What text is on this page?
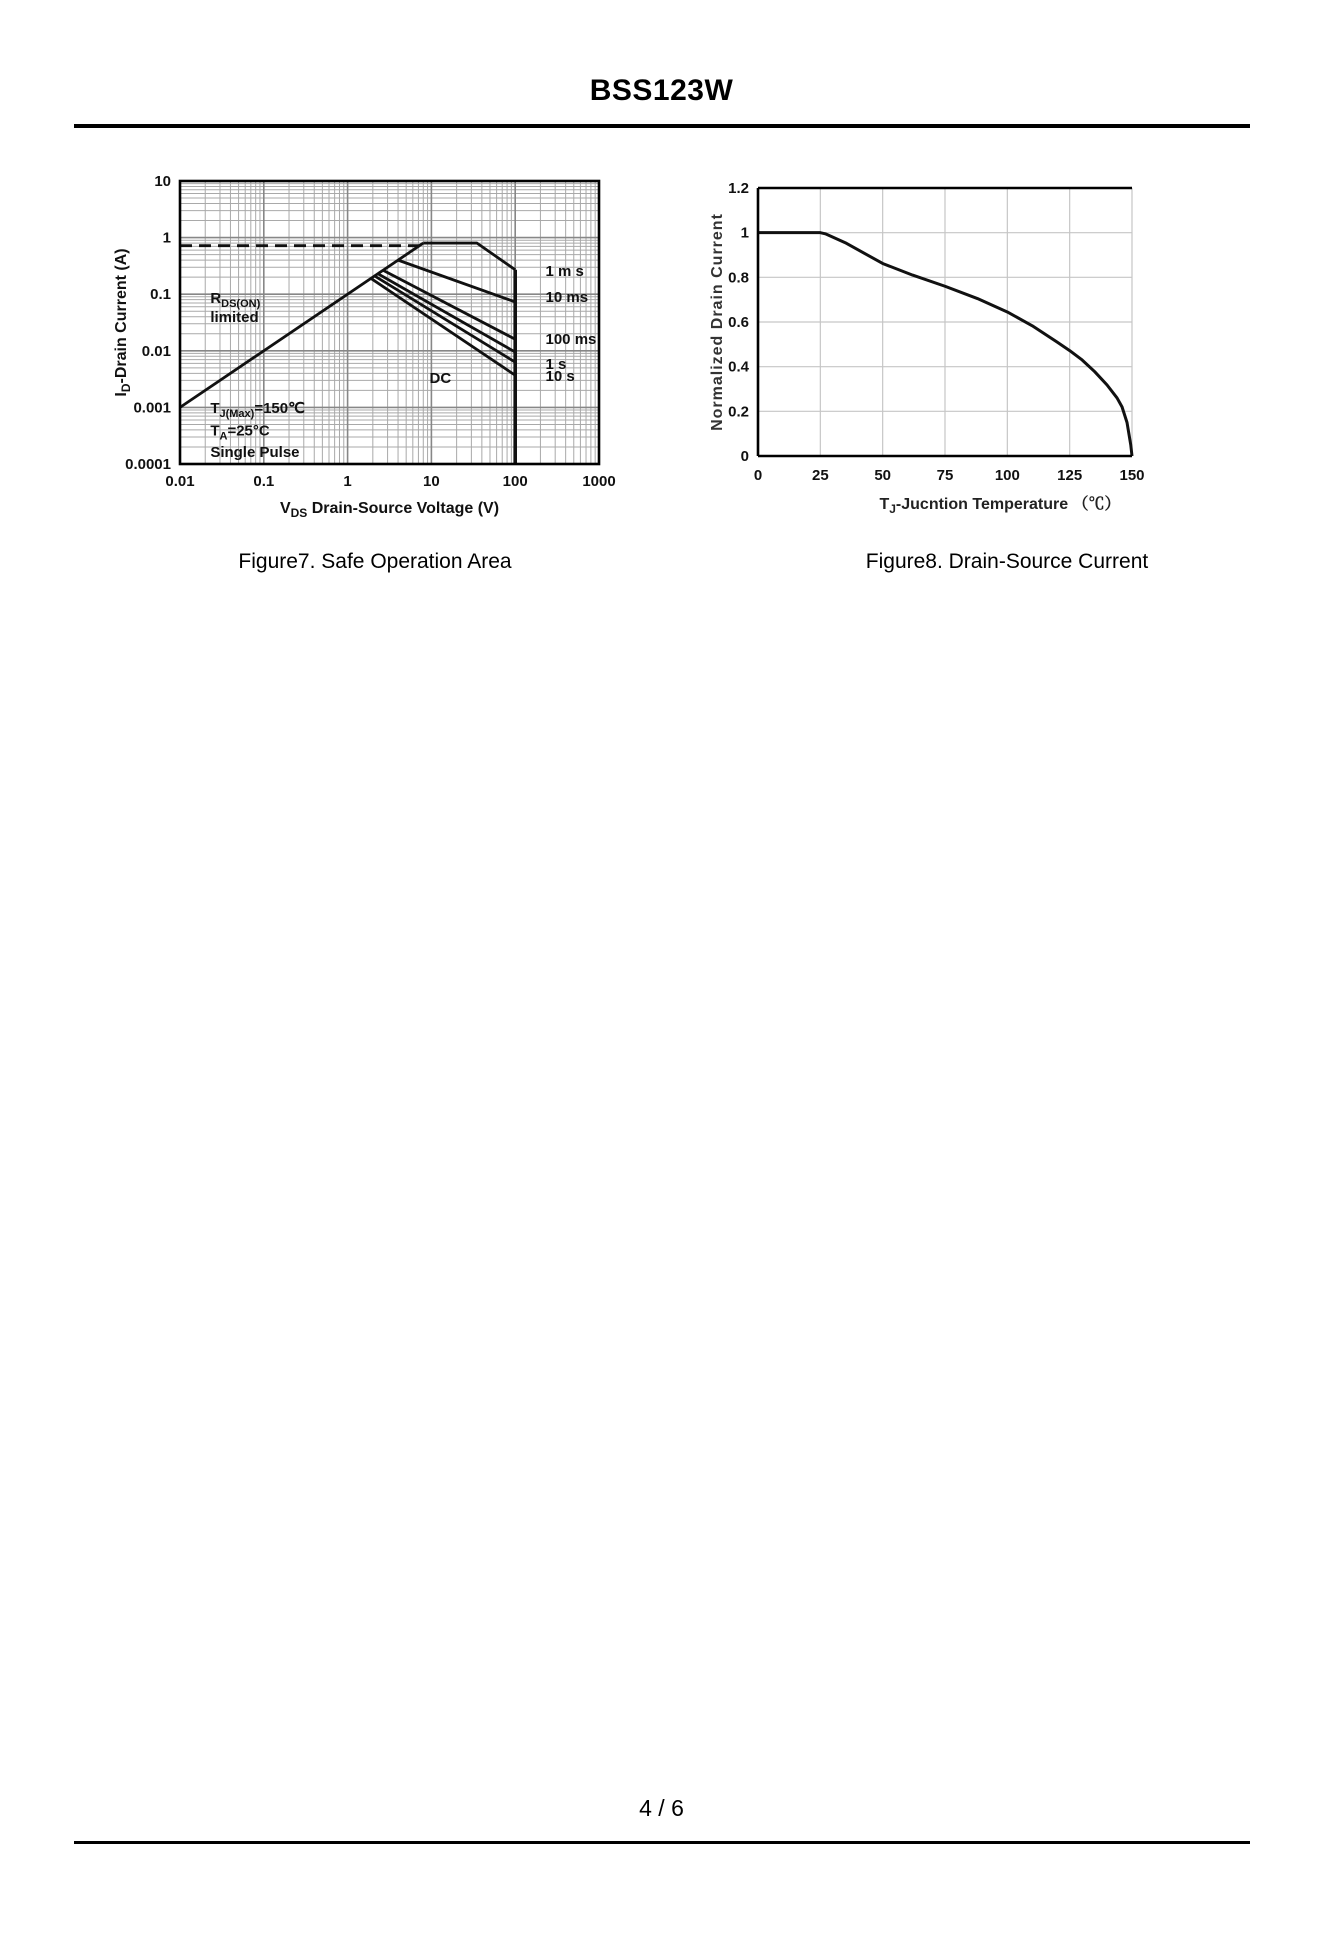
BSS123W
10
1
0.1
0.01
0.001
0.0001
0.01	0.1	1	10	100	1000
$V_{DS}$ Drain-Source Voltage (V)
$I_D$-Drain Current (A)	$R_{DS(ON)}$
limited
$T_{J(Max)}=150℃$
$T_A=25^\circ C$
Single Pulse
DC
1 m s
10 ms
100 ms
1 s
10 s
1.2
1
0.8
0.6
0.4
0.2
0
0	25	50	75	100 125 150
$T_J$-Jucntion Temperature （℃）
Normalized Drain Current
Figure7. Safe Operation Area	Figure8. Drain-Source Current
4 / 6
